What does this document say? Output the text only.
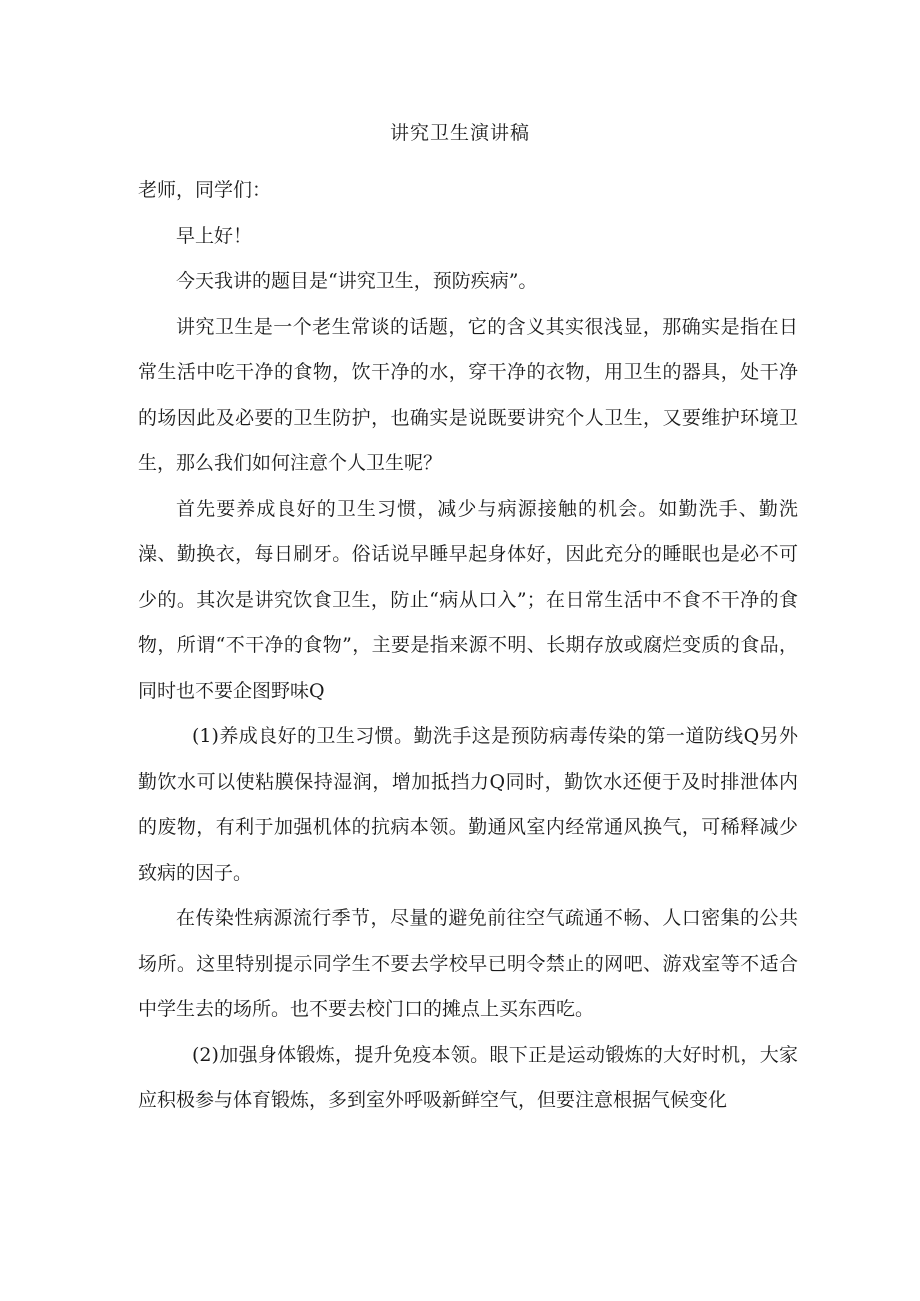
讲究卫生演讲稿

老师，同学们：

早上好！

今天我讲的题目是“讲究卫生，预防疾病”。

讲究卫生是一个老生常谈的话题，它的含义其实很浅显，那确实是指在日常生活中吃干净的食物，饮干净的水，穿干净的衣物，用卫生的器具，处干净的场因此及必要的卫生防护，也确实是说既要讲究个人卫生，又要维护环境卫生，那么我们如何注意个人卫生呢？

首先要养成良好的卫生习惯，减少与病源接触的机会。如勤洗手、勤洗澡、勤换衣，每日刷牙。俗话说早睡早起身体好，因此充分的睡眠也是必不可少的。其次是讲究饮食卫生，防止“病从口入”；在日常生活中不食不干净的食物，所谓“不干净的食物”，主要是指来源不明、长期存放或腐烂变质的食品，同时也不要企图野味Q

(1)养成良好的卫生习惯。勤洗手这是预防病毒传染的第一道防线Q另外勤饮水可以使粘膜保持湿润，增加抵挡力Q同时，勤饮水还便于及时排泄体内的废物，有利于加强机体的抗病本领。勤通风室内经常通风换气，可稀释减少致病的因子。

在传染性病源流行季节，尽量的避免前往空气疏通不畅、人口密集的公共场所。这里特别提示同学生不要去学校早已明令禁止的网吧、游戏室等不适合中学生去的场所。也不要去校门口的摊点上买东西吃。

(2)加强身体锻炼，提升免疫本领。眼下正是运动锻炼的大好时机，大家应积极参与体育锻炼，多到室外呼吸新鲜空气，但要注意根据气候变化
